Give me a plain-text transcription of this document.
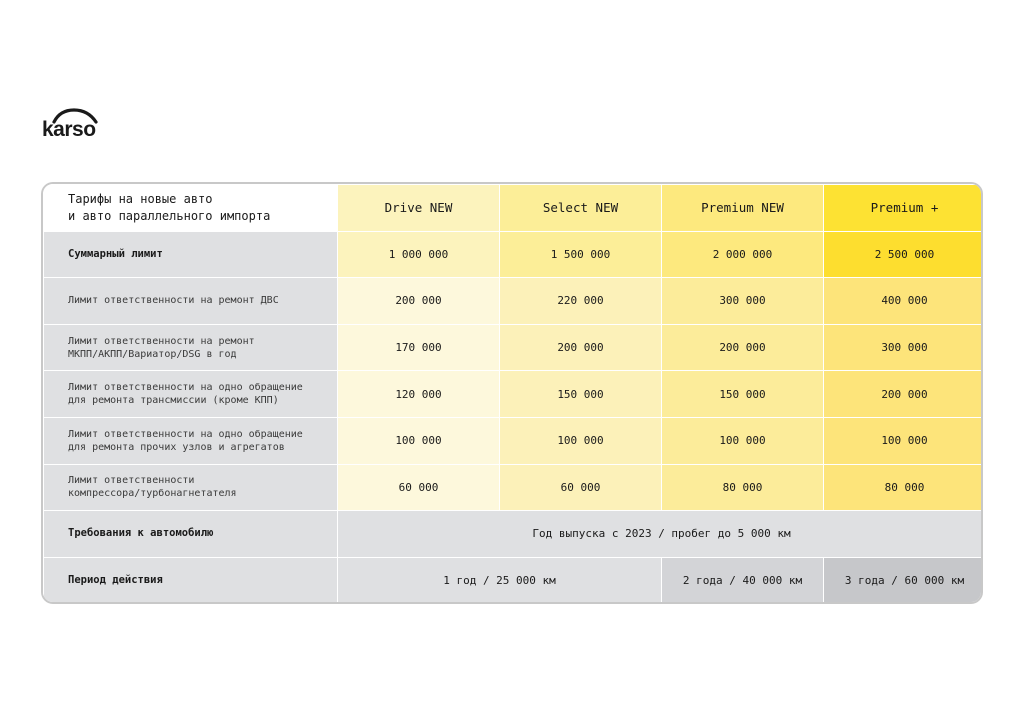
karso
Тарифы на новые авто
и авто параллельного импорта	Drive NEW	Select NEW	Premium NEW	Premium +
Суммарный лимит	1 000 000	1 500 000	2 000 000	2 500 000
Лимит ответственности на ремонт ДВС	200 000	220 000	300 000	400 000

Лимит ответственности на ремонт
МКПП/АКПП/Вариатор/DSG в год	170 000	200 000	200 000	300 000

Лимит ответственности на одно обращение
для ремонта трансмиссии (кроме КПП)	120 000	150 000	150 000	200 000

Лимит ответственности на одно обращение
для ремонта прочих узлов и агрегатов	100 000	100 000	100 000	100 000

Лимит ответственности
компрессора/турбонагнетателя	60 000	60 000	80 000	80 000
Требования к автомобилю	Год выпуска с 2023 / пробег до 5 000 км			
Период действия	1 год / 25 000 км		2 года / 40 000 км	3 года / 60 000 км
